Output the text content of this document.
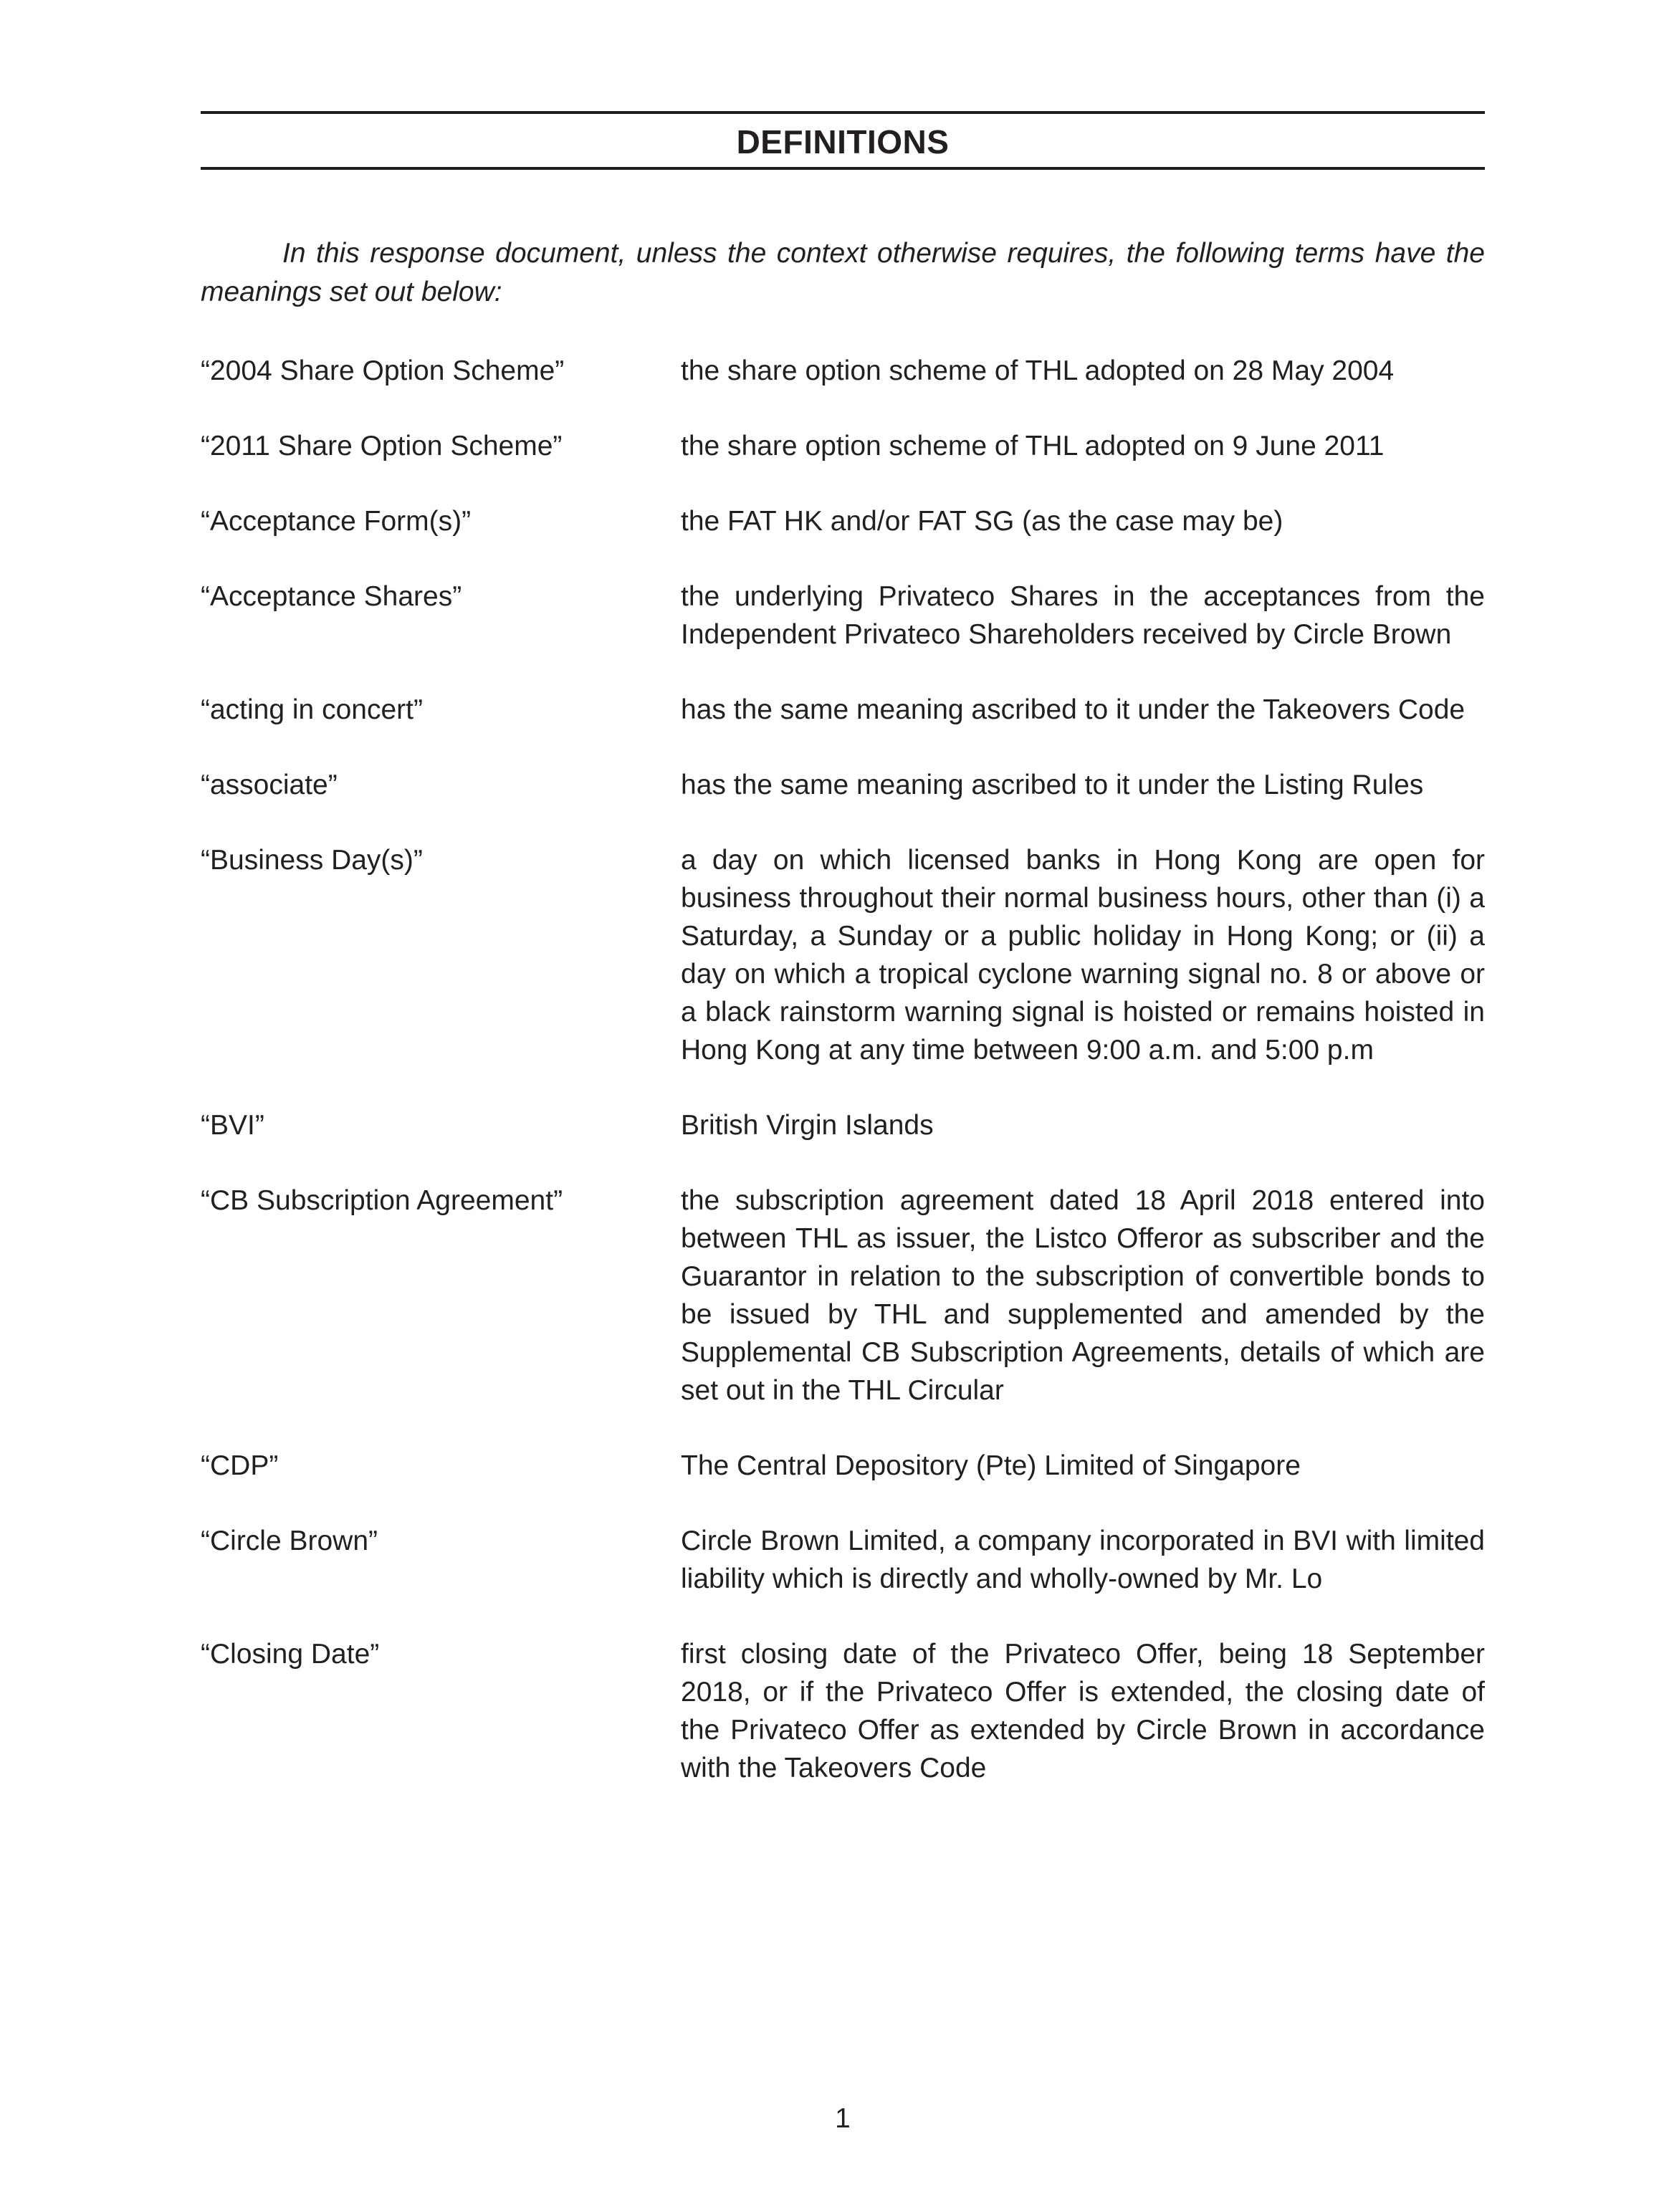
DEFINITIONS

In this response document, unless the context otherwise requires, the following terms have the meanings set out below:

“2004 Share Option Scheme”	the share option scheme of THL adopted on 28 May 2004
“2011 Share Option Scheme”	the share option scheme of THL adopted on 9 June 2011
“Acceptance Form(s)”	the FAT HK and/or FAT SG (as the case may be)
“Acceptance Shares”	the underlying Privateco Shares in the acceptances from the Independent Privateco Shareholders received by Circle Brown
“acting in concert”	has the same meaning ascribed to it under the Takeovers Code
“associate”	has the same meaning ascribed to it under the Listing Rules
“Business Day(s)”	a day on which licensed banks in Hong Kong are open for business throughout their normal business hours, other than (i) a Saturday, a Sunday or a public holiday in Hong Kong; or (ii) a day on which a tropical cyclone warning signal no. 8 or above or a black rainstorm warning signal is hoisted or remains hoisted in Hong Kong at any time between 9:00 a.m. and 5:00 p.m
“BVI”	British Virgin Islands
“CB Subscription Agreement”	the subscription agreement dated 18 April 2018 entered into between THL as issuer, the Listco Offeror as subscriber and the Guarantor in relation to the subscription of convertible bonds to be issued by THL and supplemented and amended by the Supplemental CB Subscription Agreements, details of which are set out in the THL Circular
“CDP”	The Central Depository (Pte) Limited of Singapore
“Circle Brown”	Circle Brown Limited, a company incorporated in BVI with limited liability which is directly and wholly-owned by Mr. Lo
“Closing Date”	first closing date of the Privateco Offer, being 18 September 2018, or if the Privateco Offer is extended, the closing date of the Privateco Offer as extended by Circle Brown in accordance with the Takeovers Code
1
